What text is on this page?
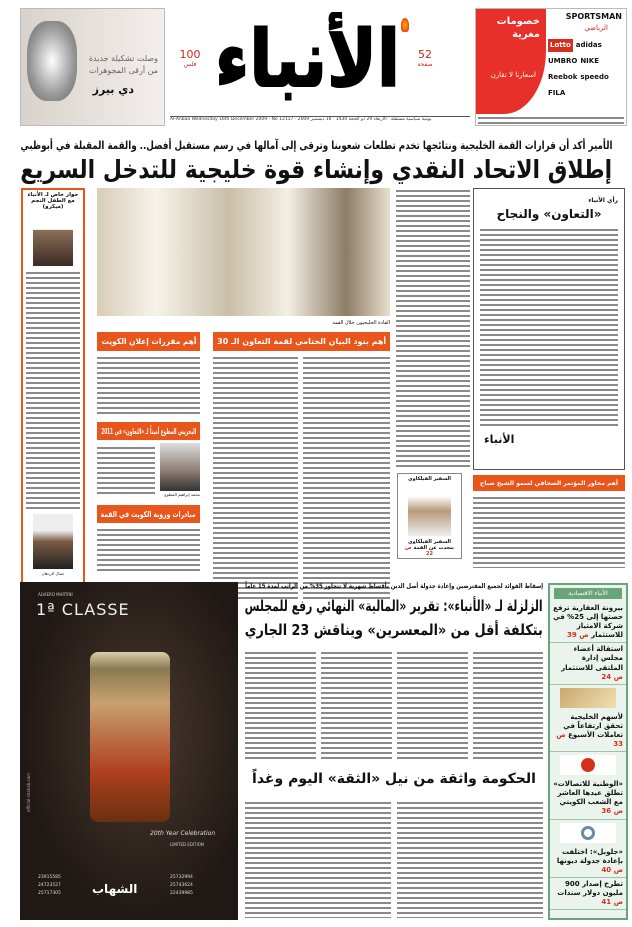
وصلت تشكيلة جديدة
من أرقى المجوهرات
دي بيرز
100
فلس الأنباء	52
صفحة
Al-Anbaa Wednesday 16th December 2009 - No 12117 · يومية سياسية مستقلة · الأربعاء 29 ذو الحجة 1430 · 16 ديسمبر 2009
خصومات مغرية
اسعارنا لا تقارن
SPORTSMAN
الرياضي
Lotto adidas
UMBRO NIKE
Reebok speedo
FILA
الأمير أكد أن قرارات القمة الخليجية ونتائجها تخدم تطلعات شعوبنا وترقى إلى آمالها في رسم مستقبل أفضل.. والقمة المقبلة في أبوظبي
إطلاق الاتحاد النقدي وإنشاء قوة خليجية للتدخل السريع
حوار خاص لـ الأنباء مع الطفل النجم (ميكرو)
جمال الردهان
القادة الخليجيون خلال القمة
رأي الأنباء
«التعاون» والنجاح
الأنباء
أهم بنود البيان الختامي لقمة التعاون الـ 30
أهم مقررات إعلان الكويت
البحريني المطوع أميناً لـ «التعاون» في 2011
محمد إبراهيم المطوع
مبادرات وزوبة الكويت في القمة
السفير الفيلكاوي
السفير الفيلكاوي يتحدث عن القمة ص 22
أهم محاور المؤتمر الصحافي لسمو الشيخ صباح
ALVIERO MARTINI
1ª CLASSE
20th Year Celebration
LIMITED EDITION
الشهاب
official-shahab.com
23915585
24723527
25717305
25732994
25743624
22439985
إسقاط الفوائد لجميع المقترضين وإعادة جدولة أصل الدين بأقساط شهرية لا تتجاوز 35% من الراتب لمدة 15 عاماً
الزلزلة لـ «الأنباء»: تقرير «المالية» النهائي رفع للمجلس
بتكلفة أقل من «المعسرين» ويناقش 23 الجاري
الحكومة واثقة من نيل «الثقة» اليوم وغداً
الأنباء الاقتصادية
بيرونة العقارية ترفع حصتها إلى 25% في شركة الامتياز للاستثمار ص 39
استقالة أعضاء مجلس إدارة الملتقى للاستثمار ص 24
لأسهم الخليجية تحقق ارتفاعاً في تعاملات الأسبوع ص 33
«الوطنية للاتصالات» تطلق عيدها العاشر مع الشعب الكويتي ص 36
«جلوبل»: اختلفت بإعادة جدولة ديونها ص 40
تطرح إصدار 900 مليون دولار سندات ص 41
